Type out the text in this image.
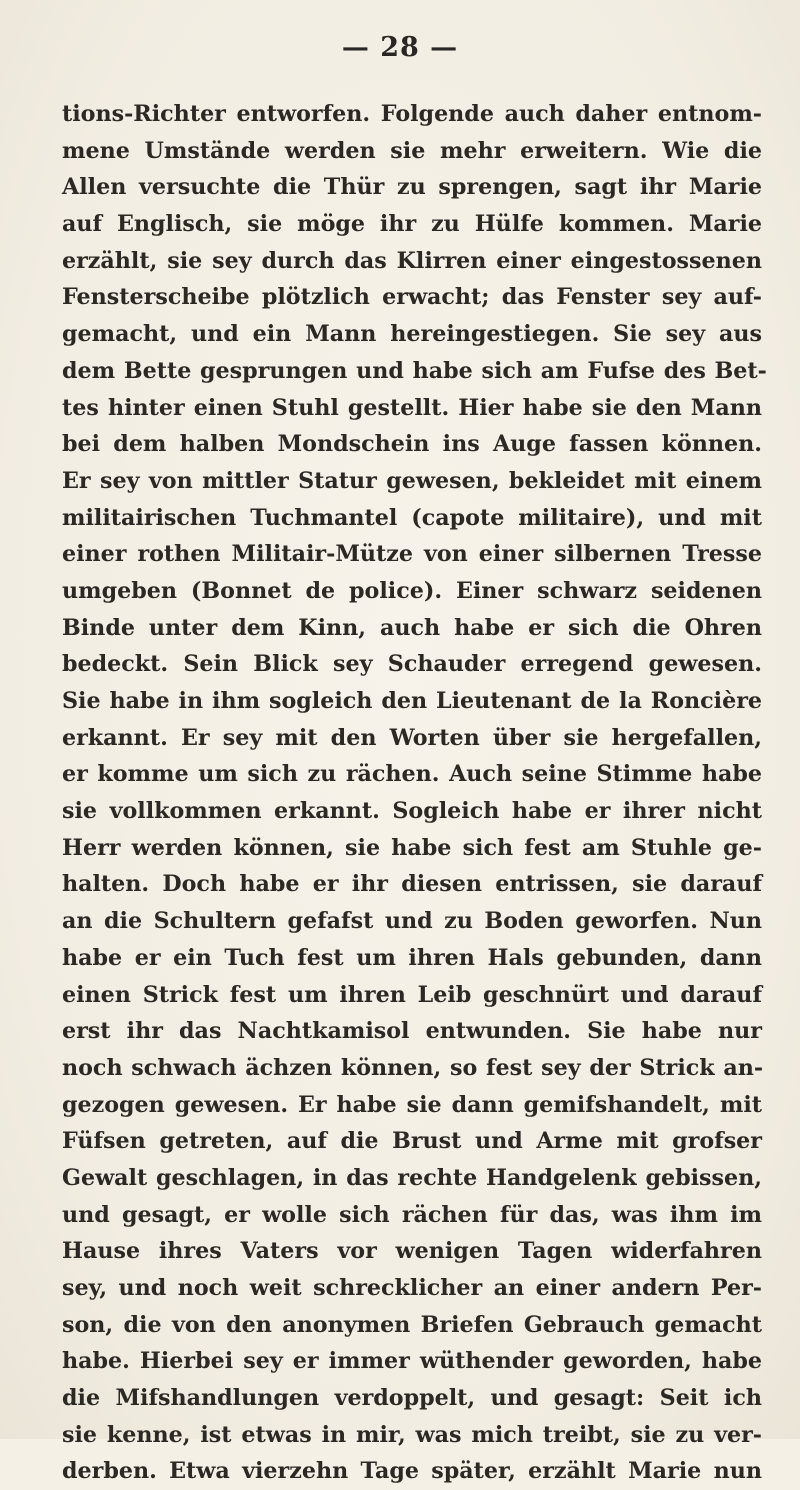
— 28 —
tions-Richter entworfen. Folgende auch daher entnom-
mene Umstände werden sie mehr erweitern. Wie die
Allen versuchte die Thür zu sprengen, sagt ihr Marie
auf Englisch, sie möge ihr zu Hülfe kommen. Marie
erzählt, sie sey durch das Klirren einer eingestossenen
Fensterscheibe plötzlich erwacht; das Fenster sey auf-
gemacht, und ein Mann hereingestiegen. Sie sey aus
dem Bette gesprungen und habe sich am Fufse des Bet-
tes hinter einen Stuhl gestellt. Hier habe sie den Mann
bei dem halben Mondschein ins Auge fassen können.
Er sey von mittler Statur gewesen, bekleidet mit einem
militairischen Tuchmantel (capote militaire), und mit
einer rothen Militair-Mütze von einer silbernen Tresse
umgeben (Bonnet de police). Einer schwarz seidenen
Binde unter dem Kinn, auch habe er sich die Ohren
bedeckt. Sein Blick sey Schauder erregend gewesen.
Sie habe in ihm sogleich den Lieutenant de la Roncière
erkannt. Er sey mit den Worten über sie hergefallen,
er komme um sich zu rächen. Auch seine Stimme habe
sie vollkommen erkannt. Sogleich habe er ihrer nicht
Herr werden können, sie habe sich fest am Stuhle ge-
halten. Doch habe er ihr diesen entrissen, sie darauf
an die Schultern gefafst und zu Boden geworfen. Nun
habe er ein Tuch fest um ihren Hals gebunden, dann
einen Strick fest um ihren Leib geschnürt und darauf
erst ihr das Nachtkamisol entwunden. Sie habe nur
noch schwach ächzen können, so fest sey der Strick an-
gezogen gewesen. Er habe sie dann gemifshandelt, mit
Füfsen getreten, auf die Brust und Arme mit grofser
Gewalt geschlagen, in das rechte Handgelenk gebissen,
und gesagt, er wolle sich rächen für das, was ihm im
Hause ihres Vaters vor wenigen Tagen widerfahren
sey, und noch weit schrecklicher an einer andern Per-
son, die von den anonymen Briefen Gebrauch gemacht
habe. Hierbei sey er immer wüthender geworden, habe
die Mifshandlungen verdoppelt, und gesagt: Seit ich
sie kenne, ist etwas in mir, was mich treibt, sie zu ver-
derben. Etwa vierzehn Tage später, erzählt Marie nun
